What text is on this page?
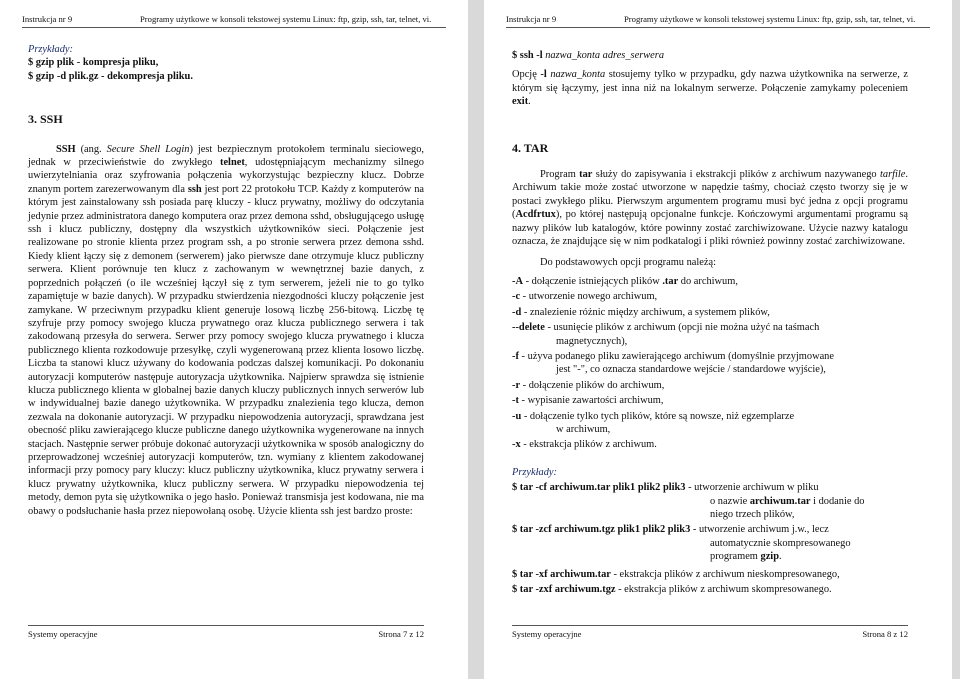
Instrukcja nr 9	Programy użytkowe w konsoli tekstowej systemu Linux: ftp, gzip, ssh, tar, telnet, vi.
Przykłady:
$ gzip plik - kompresja pliku,
$ gzip -d plik.gz - dekompresja pliku.
3. SSH

SSH (ang. Secure Shell Login) jest bezpiecznym protokołem terminalu sieciowego, jednak w przeciwieństwie do zwykłego telnet, udostępniającym mechanizmy silnego uwierzytelniania oraz szyfrowania połączenia wykorzystując bezpieczny klucz. Dobrze znanym portem zarezerwowanym dla ssh jest port 22 protokołu TCP. Każdy z komputerów na którym jest zainstalowany ssh posiada parę kluczy - klucz prywatny, możliwy do odczytania jedynie przez administratora danego komputera oraz przez demona sshd, obsługującego usługę ssh i klucz publiczny, dostępny dla wszystkich użytkowników sieci. Połączenie jest realizowane po stronie klienta przez program ssh, a po stronie serwera przez demona sshd. Kiedy klient łączy się z demonem (serwerem) jako pierwsze dane otrzymuje klucz publiczny serwera. Klient porównuje ten klucz z zachowanym w wewnętrznej bazie danych, z poprzednich połączeń (o ile wcześniej łączył się z tym serwerem, jeżeli nie to go tylko zapamiętuje w bazie danych). W przypadku stwierdzenia niezgodności kluczy połączenie jest zamykane. W przeciwnym przypadku klient generuje losową liczbę 256-bitową. Liczbę tę szyfruje przy pomocy swojego klucza prywatnego oraz klucza publicznego serwera i tak zakodowaną przesyła do serwera. Serwer przy pomocy swojego klucza prywatnego i klucza publicznego klienta rozkodowuje przesyłkę, czyli wygenerowaną przez klienta losowo liczbę. Liczba ta stanowi klucz używany do kodowania podczas dalszej komunikacji. Po dokonaniu autoryzacji komputerów następuje autoryzacja użytkownika. Najpierw sprawdza się istnienie klucza publicznego klienta w globalnej bazie danych kluczy publicznych innych serwerów lub w indywidualnej bazie danego użytkownika. W przypadku znalezienia tego klucza, demon zezwala na dokonanie autoryzacji. W przypadku niepowodzenia autoryzacji, sprawdzana jest obecność pliku zawierającego klucze publiczne danego użytkownika wygenerowane na innych stacjach. Następnie serwer próbuje dokonać autoryzacji użytkownika w sposób analogiczny do przeprowadzonej wcześniej autoryzacji komputerów, tzn. wymiany z klientem zakodowanej informacji przy pomocy pary kluczy: klucz publiczny użytkownika, klucz prywatny serwera i klucz prywatny użytkownika, klucz publiczny serwera. W przypadku niepowodzenia tej metody, demon pyta się użytkownika o jego hasło. Ponieważ transmisja jest kodowana, nie ma obawy o podsłuchanie hasła przez niepowołaną osobę. Użycie klienta ssh jest bardzo proste:

Systemy operacyjne	Strona 7 z 12
Instrukcja nr 9	Programy użytkowe w konsoli tekstowej systemu Linux: ftp, gzip, ssh, tar, telnet, vi.
$ ssh -l nazwa_konta adres_serwera

Opcję -l nazwa_konta stosujemy tylko w przypadku, gdy nazwa użytkownika na serwerze, z którym się łączymy, jest inna niż na lokalnym serwerze. Połączenie zamykamy poleceniem exit.

4. TAR

Program tar służy do zapisywania i ekstrakcji plików z archiwum nazywanego tarfile. Archiwum takie może zostać utworzone w napędzie taśmy, chociaż często tworzy się je w postaci zwykłego pliku. Pierwszym argumentem programu musi być jedna z opcji programu (Acdfrtux), po której następują opcjonalne funkcje. Kończowymi argumentami programu są nazwy plików lub katalogów, które powinny zostać zarchiwizowane. Użycie nazwy katalogu oznacza, że znajdujące się w nim podkatalogi i pliki również powinny zostać zarchiwizowane.

Do podstawowych opcji programu należą:
-A - dołączenie istniejących plików .tar do archiwum,
-c - utworzenie nowego archiwum,
-d - znalezienie różnic między archiwum, a systemem plików,
--delete - usunięcie plików z archiwum (opcji nie można użyć na taśmach
magnetycznych),
-f - użyva podanego pliku zawierającego archiwum (domyślnie przyjmowane
jest "-", co oznacza standardowe wejście / standardowe wyjście),
-r - dołączenie plików do archiwum,
-t - wypisanie zawartości archiwum,
-u - dołączenie tylko tych plików, które są nowsze, niż egzemplarze
w archiwum,
-x - ekstrakcja plików z archiwum.
Przykłady:
$ tar -cf archiwum.tar plik1 plik2 plik3 - utworzenie archiwum w pliku
o nazwie archiwum.tar i dodanie do
niego trzech plików,
$ tar -zcf archiwum.tgz plik1 plik2 plik3 - utworzenie archiwum j.w., lecz
automatycznie skompresowanego
programem gzip.
$ tar -xf archiwum.tar - ekstrakcja plików z archiwum nieskompresowanego,
$ tar -zxf archiwum.tgz - ekstrakcja plików z archiwum skompresowanego.
Systemy operacyjne	Strona 8 z 12
